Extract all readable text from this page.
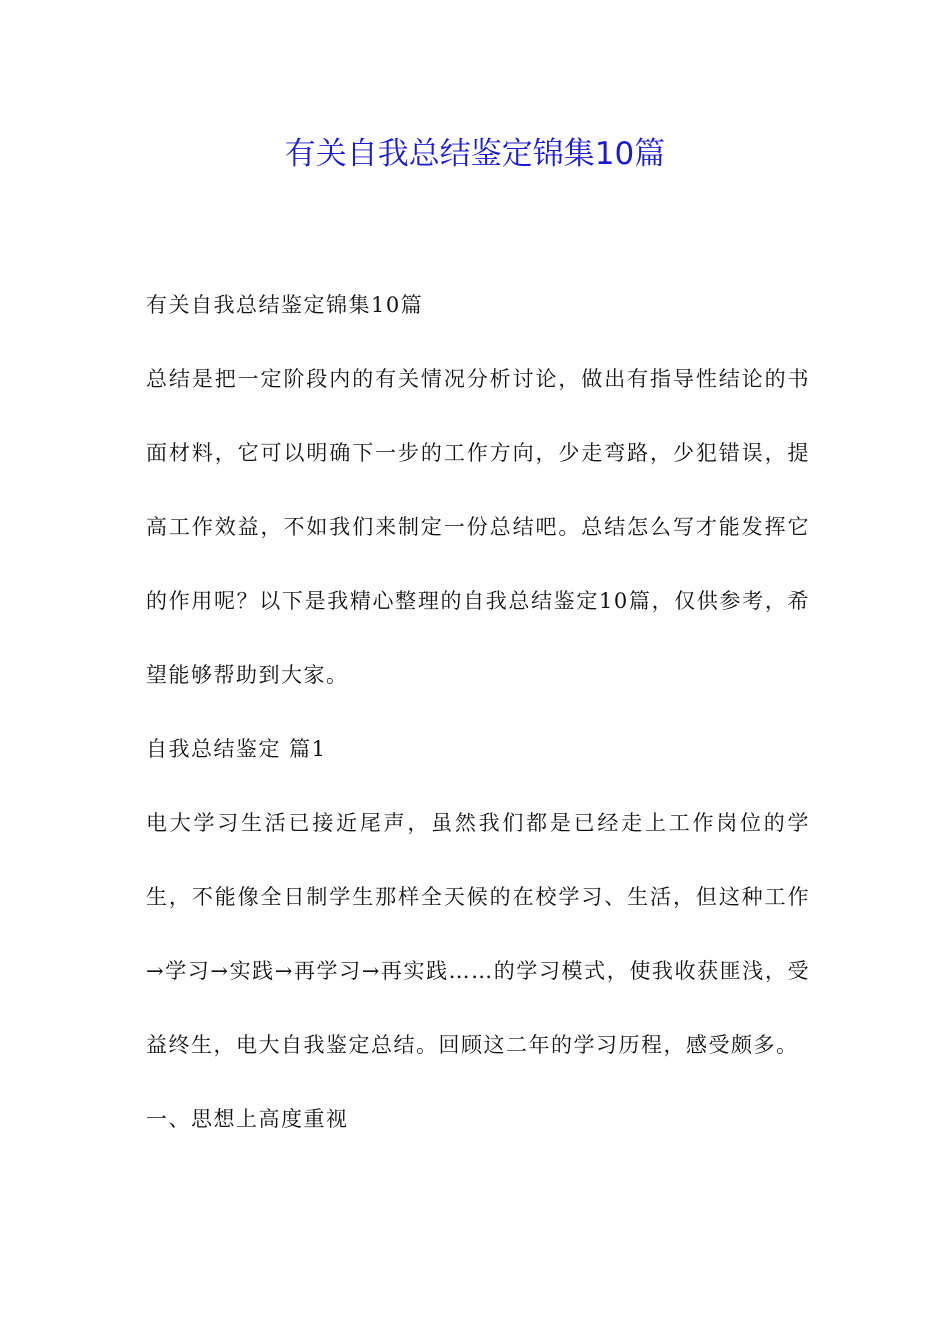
有关自我总结鉴定锦集10篇

有关自我总结鉴定锦集10篇

总结是把一定阶段内的有关情况分析讨论，做出有指导性结论的书面材料，它可以明确下一步的工作方向，少走弯路，少犯错误，提高工作效益，不如我们来制定一份总结吧。总结怎么写才能发挥它的作用呢？以下是我精心整理的自我总结鉴定10篇，仅供参考，希望能够帮助到大家。

自我总结鉴定 篇1

电大学习生活已接近尾声，虽然我们都是已经走上工作岗位的学生，不能像全日制学生那样全天候的在校学习、生活，但这种工作→学习→实践→再学习→再实践……的学习模式，使我收获匪浅，受益终生，电大自我鉴定总结。回顾这二年的学习历程，感受颇多。

一、思想上高度重视
